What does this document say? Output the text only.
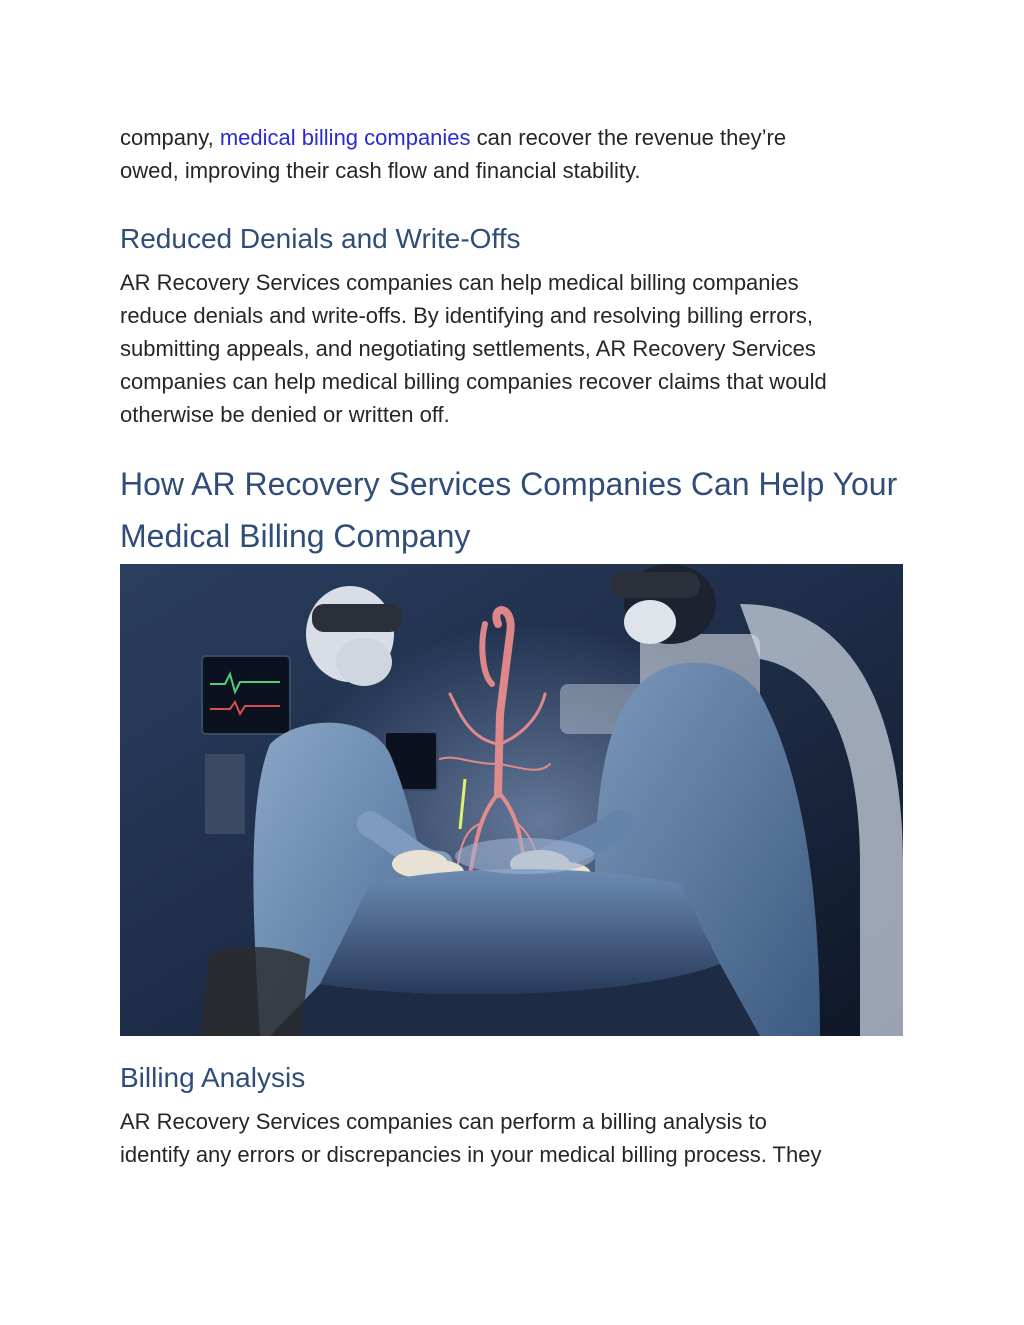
company, medical billing companies can recover the revenue they’re
owed, improving their cash flow and financial stability.

Reduced Denials and Write-Offs

AR Recovery Services companies can help medical billing companies
reduce denials and write-offs. By identifying and resolving billing errors,
submitting appeals, and negotiating settlements, AR Recovery Services
companies can help medical billing companies recover claims that would
otherwise be denied or written off.

How AR Recovery Services Companies Can Help Your
Medical Billing Company
Billing Analysis

AR Recovery Services companies can perform a billing analysis to
identify any errors or discrepancies in your medical billing process. They
